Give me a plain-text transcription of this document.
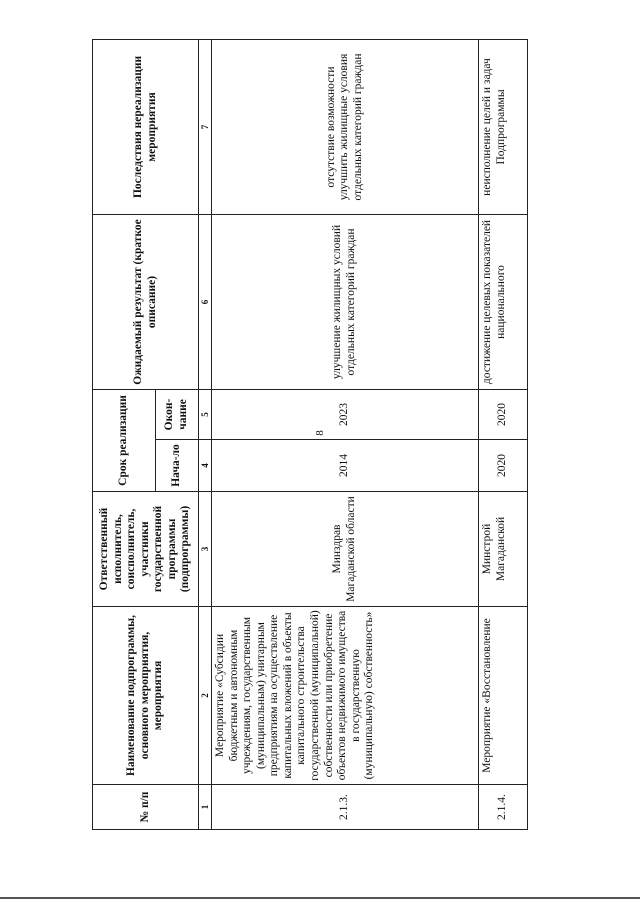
8
№ п/п	Наименование подпрограммы, основного мероприятия, мероприятия	Ответственный исполнитель, соисполнитель, участники государственной программы (подпрограммы)	Срок реализации		Ожидаемый результат (краткое описание)	Последствия нереализации мероприятия
			Нача-ло	Окон-чание		
1	2	3	4	5	6	7
2.1.3.	Мероприятие «Субсидии бюджетным и автономным учреждениям, государственным (муниципальным) унитарным предприятиям на осуществление капитальных вложений в объекты капитального строительства государственной (муниципальной) собственности или приобретение объектов недвижимого имущества в государственную (муниципальную) собственность»	Минздрав Магаданской области	2014	2023	улучшение жилищных условий отдельных категорий граждан	отсутствие возможности улучшить жилищные условия отдельных категорий граждан
2.1.4.	Мероприятие «Восстановление	Минстрой Магаданской	2020	2020	достижение целевых показателей национального	неисполнение целей и задач Подпрограммы
